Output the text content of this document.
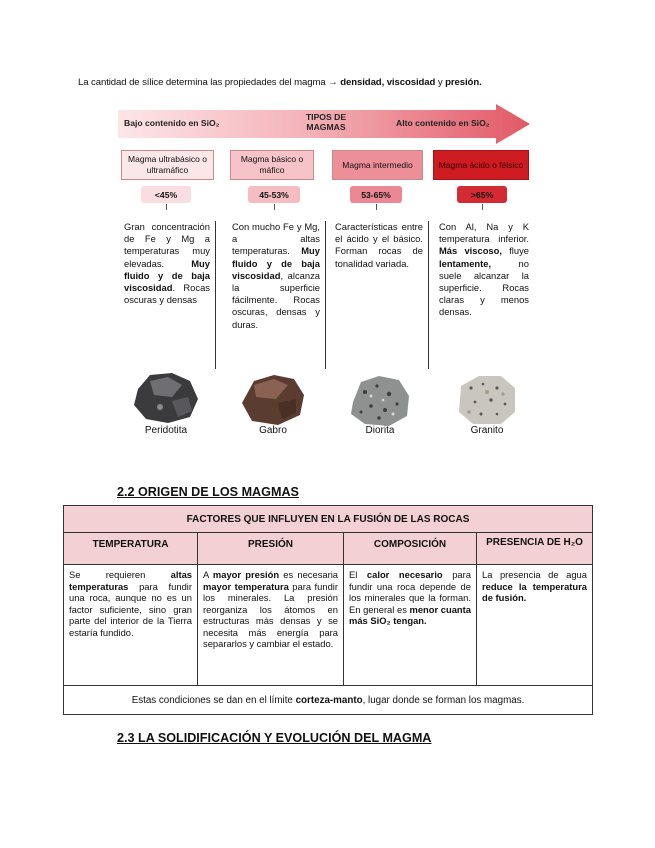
La cantidad de sílice determina las propiedades del magma → densidad, viscosidad y presión.
Bajo contenido en SiO₂
TIPOS DE
MAGMAS	Alto contenido en SiO₂
Magma ultrabásico o ultramáfico
Magma básico o máfico
Magma intermedio	Magma ácido o félsico
<45%	45-53%	53-65%	>65%
Gran concentración de Fe y Mg a temperaturas muy elevadas. Muy fluido y de baja viscosidad. Rocas oscuras y densas
Con mucho Fe y Mg, a altas temperaturas. Muy fluido y de baja viscosidad, alcanza la superficie fácilmente. Rocas oscuras, densas y duras.
Características entre el ácido y el básico. Forman rocas de tonalidad variada.
Con Al, Na y K temperatura inferior. Más viscoso, fluye lentamente, no suele alcanzar la superficie. Rocas claras y menos densas.
Peridotita	Gabro	Diorita	Granito
2.2 ORIGEN DE LOS MAGMAS
FACTORES QUE INFLUYEN EN LA FUSIÓN DE LAS ROCAS			
TEMPERATURA	PRESIÓN	COMPOSICIÓN	PRESENCIA DE H₂O
Se requieren altas temperaturas para fundir una roca, aunque no es un factor suficiente, sino gran parte del interior de la Tierra estaría fundido.	A mayor presión es necesaria mayor temperatura para fundir los minerales. La presión reorganiza los átomos en estructuras más densas y se necesita más energía para separarlos y cambiar el estado.	El calor necesario para fundir una roca depende de los minerales que la forman. En general es menor cuanta más SiO₂ tengan.	La presencia de agua reduce la temperatura de fusión.
Estas condiciones se dan en el límite corteza-manto, lugar donde se forman los magmas.			
2.3 LA SOLIDIFICACIÓN Y EVOLUCIÓN DEL MAGMA
